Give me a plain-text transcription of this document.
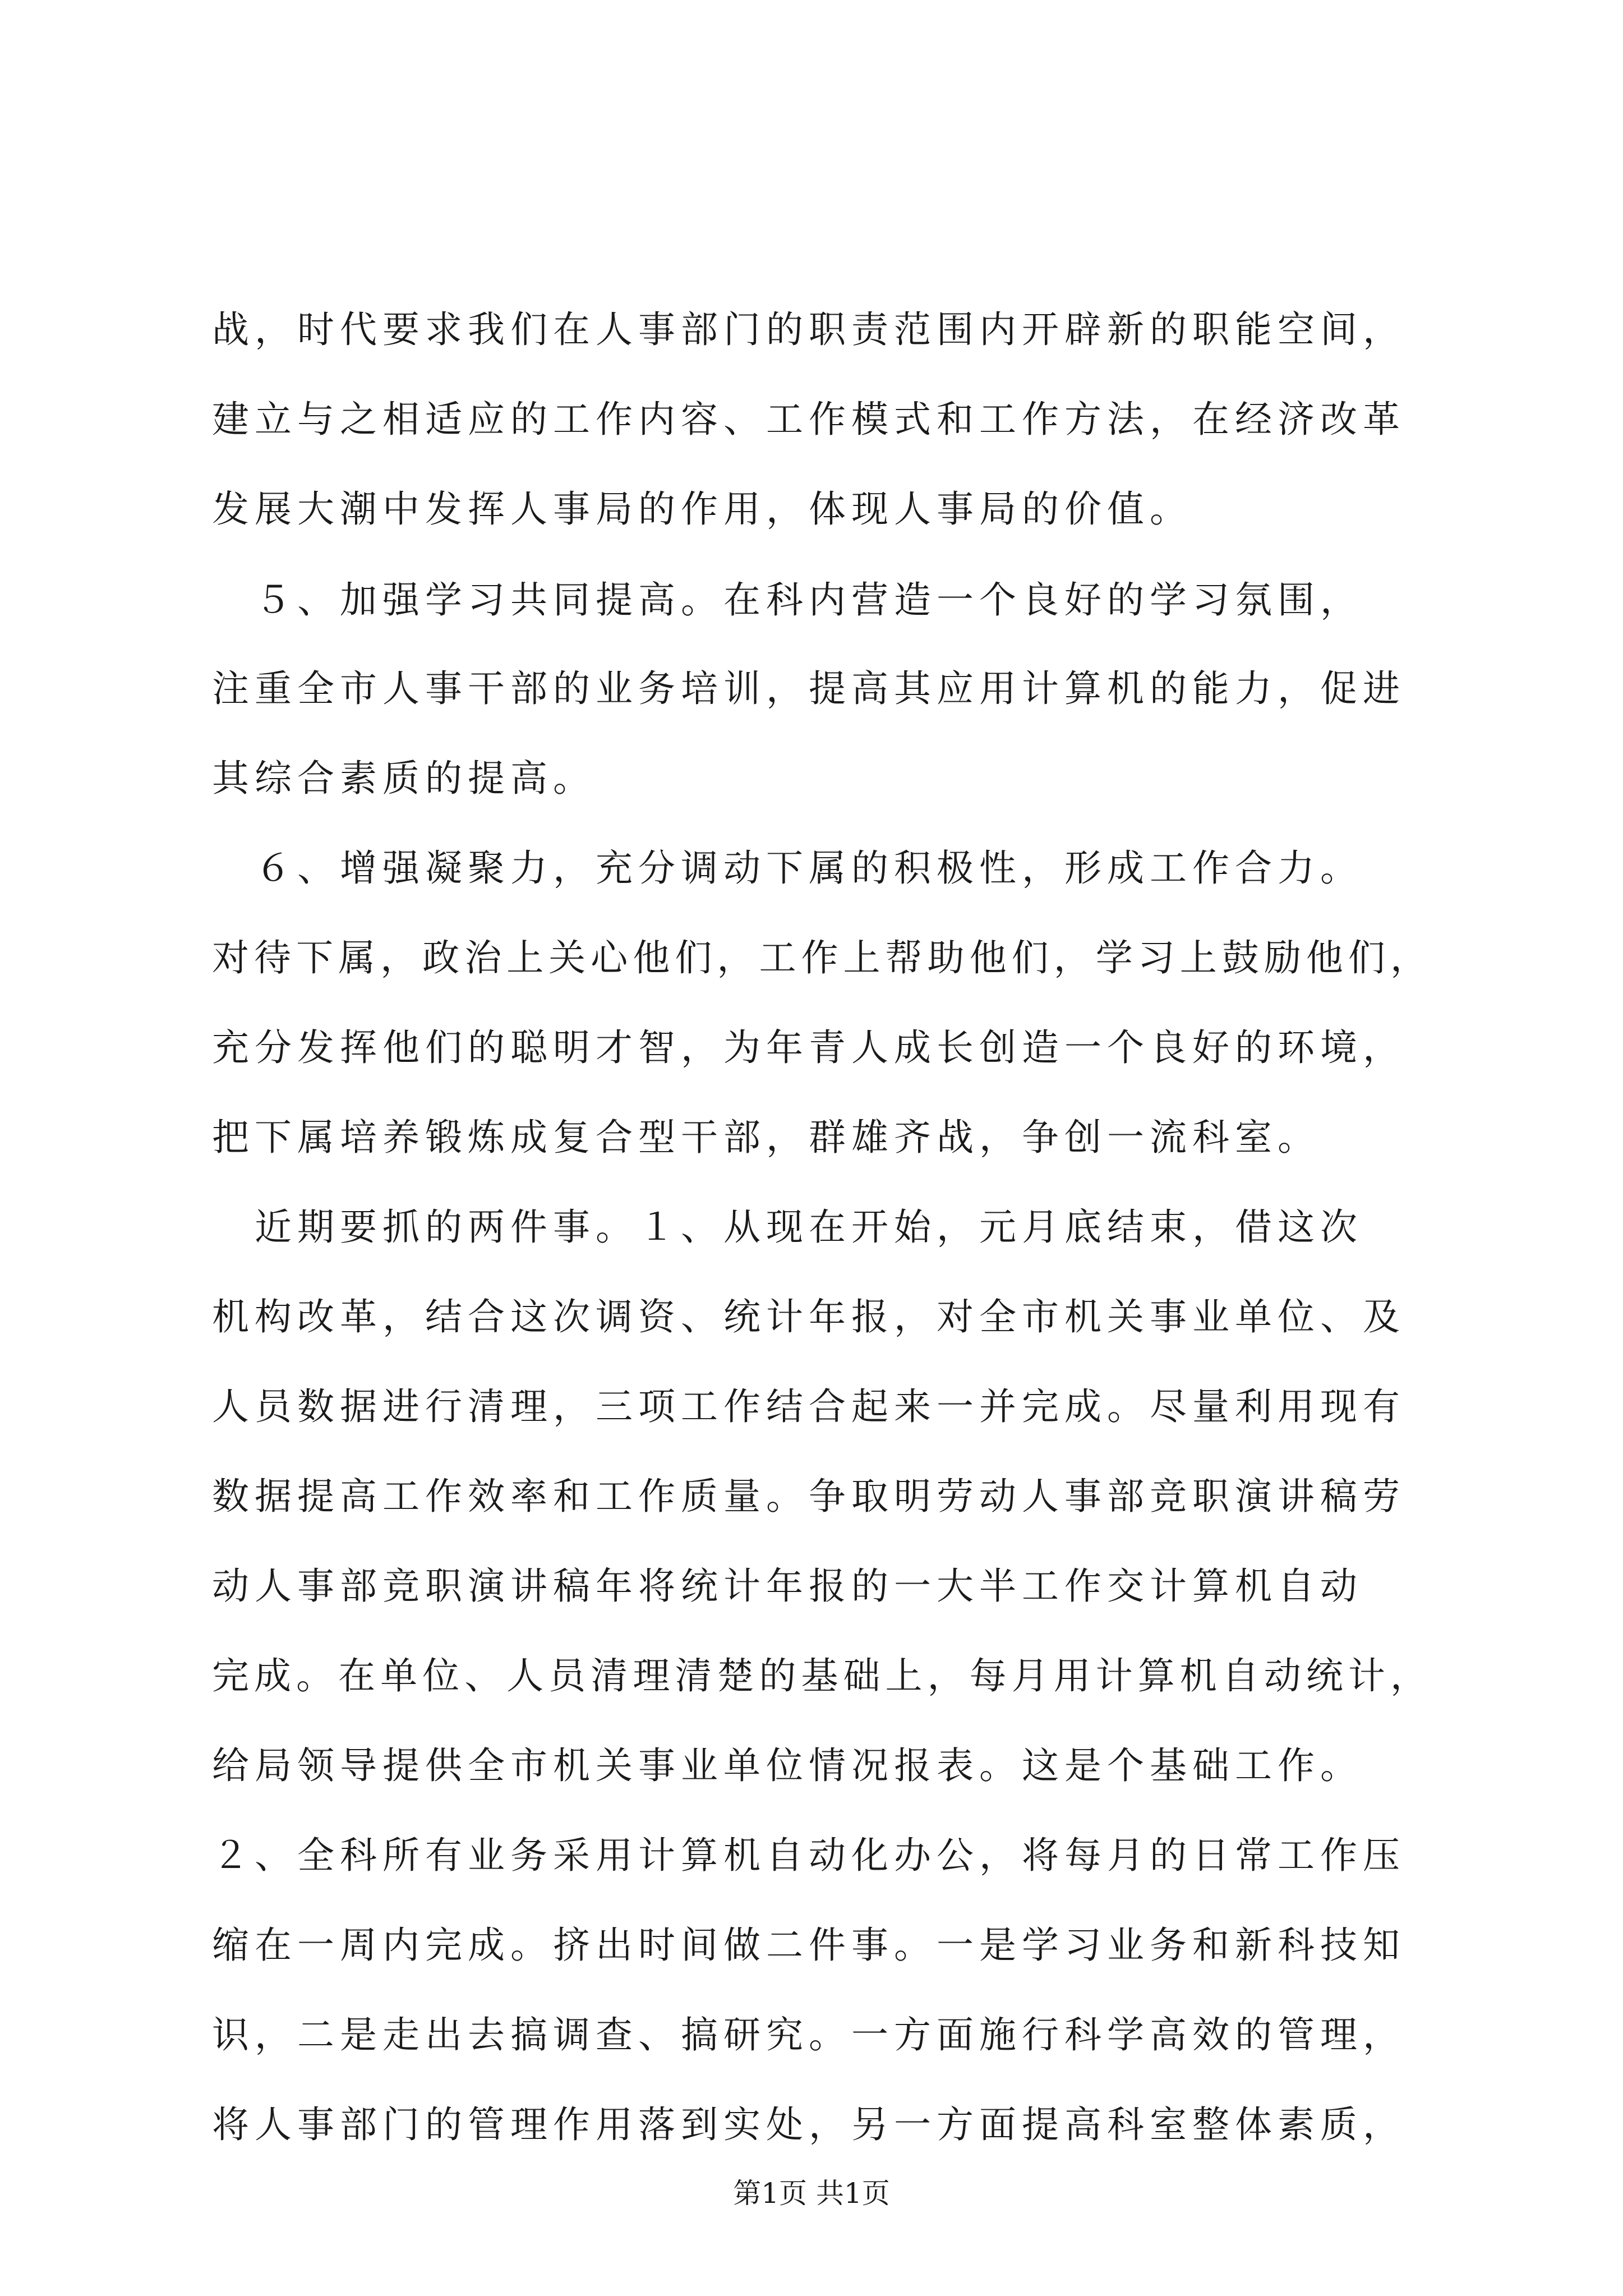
战，时代要求我们在人事部门的职责范围内开辟新的职能空间，
建立与之相适应的工作内容、工作模式和工作方法，在经济改革
发展大潮中发挥人事局的作用，体现人事局的价值。
　５、加强学习共同提高。在科内营造一个良好的学习氛围，
注重全市人事干部的业务培训，提高其应用计算机的能力，促进
其综合素质的提高。
　６、增强凝聚力，充分调动下属的积极性，形成工作合力。
对待下属，政治上关心他们，工作上帮助他们，学习上鼓励他们，
充分发挥他们的聪明才智，为年青人成长创造一个良好的环境，
把下属培养锻炼成复合型干部，群雄齐战，争创一流科室。
　近期要抓的两件事。１、从现在开始，元月底结束，借这次
机构改革，结合这次调资、统计年报，对全市机关事业单位、及
人员数据进行清理，三项工作结合起来一并完成。尽量利用现有
数据提高工作效率和工作质量。争取明劳动人事部竞职演讲稿劳
动人事部竞职演讲稿年将统计年报的一大半工作交计算机自动
完成。在单位、人员清理清楚的基础上，每月用计算机自动统计，
给局领导提供全市机关事业单位情况报表。这是个基础工作。
２、全科所有业务采用计算机自动化办公，将每月的日常工作压
缩在一周内完成。挤出时间做二件事。一是学习业务和新科技知
识，二是走出去搞调查、搞研究。一方面施行科学高效的管理，
将人事部门的管理作用落到实处，另一方面提高科室整体素质，
第1页 共1页
